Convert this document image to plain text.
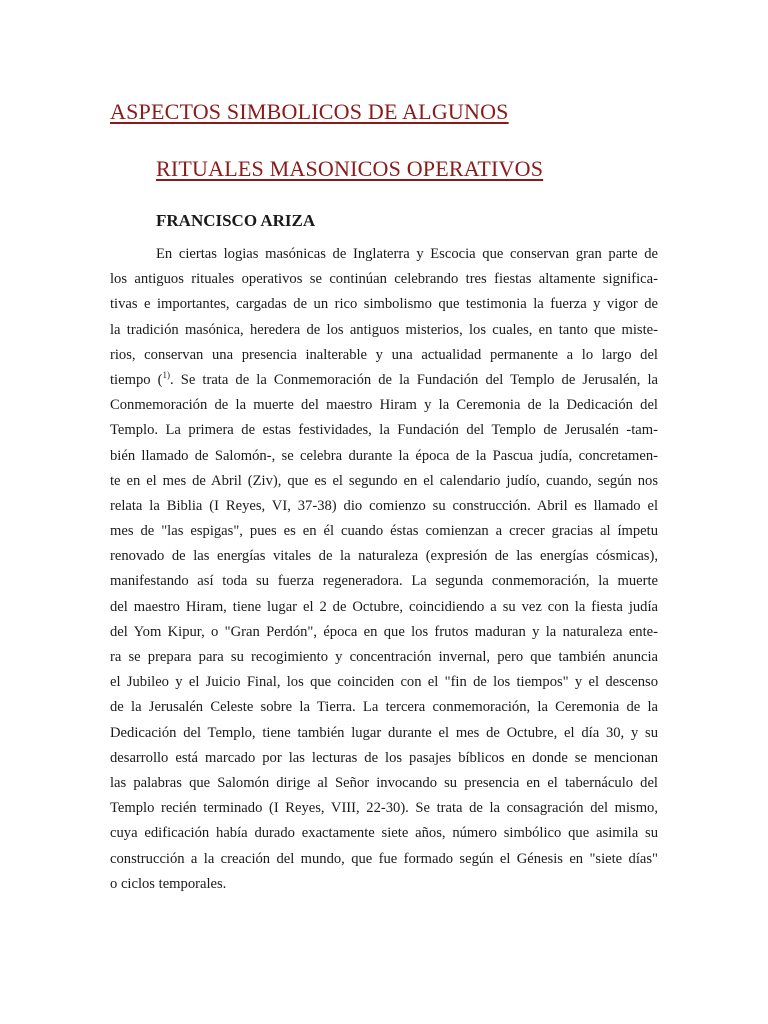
ASPECTOS SIMBOLICOS DE ALGUNOS
RITUALES MASONICOS OPERATIVOS
FRANCISCO ARIZA
En ciertas logias masónicas de Inglaterra y Escocia que conservan gran parte de
los antiguos rituales operativos se continúan celebrando tres fiestas altamente significa-
tivas e importantes, cargadas de un rico simbolismo que testimonia la fuerza y vigor de
la tradición masónica, heredera de los antiguos misterios, los cuales, en tanto que miste-
rios, conservan una presencia inalterable y una actualidad permanente a lo largo del
tiempo ($^{1)}$. Se trata de la Conmemoración de la Fundación del Templo de Jerusalén, la
Conmemoración de la muerte del maestro Hiram y la Ceremonia de la Dedicación del
Templo. La primera de estas festividades, la Fundación del Templo de Jerusalén -tam-
bién llamado de Salomón-, se celebra durante la época de la Pascua judía, concretamen-
te en el mes de Abril (Ziv), que es el segundo en el calendario judío, cuando, según nos
relata la Biblia (I Reyes, VI, 37-38) dio comienzo su construcción. Abril es llamado el
mes de "las espigas", pues es en él cuando éstas comienzan a crecer gracias al ímpetu
renovado de las energías vitales de la naturaleza (expresión de las energías cósmicas),
manifestando así toda su fuerza regeneradora. La segunda conmemoración, la muerte
del maestro Hiram, tiene lugar el 2 de Octubre, coincidiendo a su vez con la fiesta judía
del Yom Kipur, o "Gran Perdón", época en que los frutos maduran y la naturaleza ente-
ra se prepara para su recogimiento y concentración invernal, pero que también anuncia
el Jubileo y el Juicio Final, los que coinciden con el "fin de los tiempos" y el descenso
de la Jerusalén Celeste sobre la Tierra. La tercera conmemoración, la Ceremonia de la
Dedicación del Templo, tiene también lugar durante el mes de Octubre, el día 30, y su
desarrollo está marcado por las lecturas de los pasajes bíblicos en donde se mencionan
las palabras que Salomón dirige al Señor invocando su presencia en el tabernáculo del
Templo recién terminado (I Reyes, VIII, 22-30). Se trata de la consagración del mismo,
cuya edificación había durado exactamente siete años, número simbólico que asimila su
construcción a la creación del mundo, que fue formado según el Génesis en "siete días"
o ciclos temporales.
